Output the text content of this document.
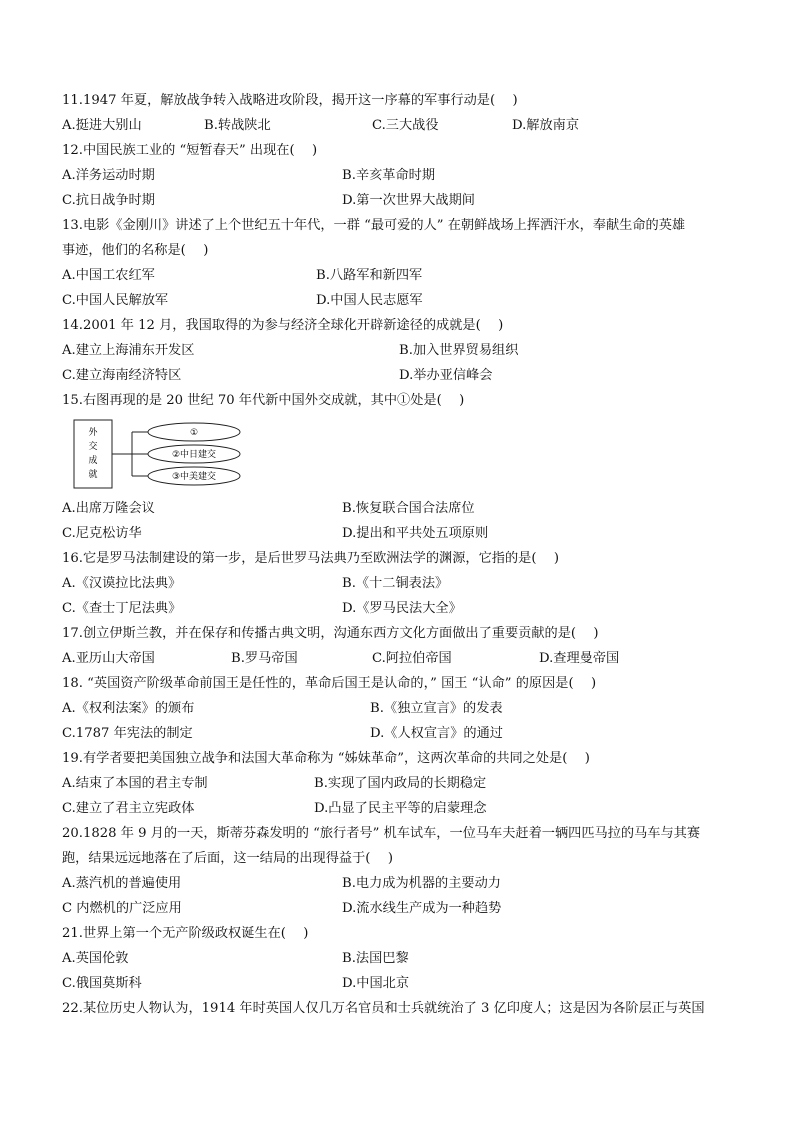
11.1947 年夏，解放战争转入战略进攻阶段，揭开这一序幕的军事行动是(　 )
A.挺进大别山	B.转战陕北	C.三大战役	D.解放南京
12.中国民族工业的 “短暂春天” 出现在(　 )
A.洋务运动时期	B.辛亥革命时期
C.抗日战争时期	D.第一次世界大战期间
13.电影《金刚川》讲述了上个世纪五十年代，一群 “最可爱的人” 在朝鲜战场上挥洒汗水，奉献生命的英雄
事迹，他们的名称是(　 )
A.中国工农红军	B.八路军和新四军
C.中国人民解放军	D.中国人民志愿军
14.2001 年 12 月，我国取得的为参与经济全球化开辟新途径的成就是(　 )
A.建立上海浦东开发区	B.加入世界贸易组织
C.建立海南经济特区	D.举办亚信峰会
15.右图再现的是 20 世纪 70 年代新中国外交成就，其中①处是(　 )
外
交
成
就
①
②中日建交
③中美建交
A.出席万隆会议	B.恢复联合国合法席位
C.尼克松访华	D.提出和平共处五项原则
16.它是罗马法制建设的第一步，是后世罗马法典乃至欧洲法学的渊源，它指的是(　 )
A.《汉谟拉比法典》	B.《十二铜表法》
C.《查士丁尼法典》	D.《罗马民法大全》
17.创立伊斯兰教，并在保存和传播古典文明，沟通东西方文化方面做出了重要贡献的是(　 )
A.亚历山大帝国	B.罗马帝国	C.阿拉伯帝国	D.查理曼帝国
18. “英国资产阶级革命前国王是任性的，革命后国王是认命的，” 国王 “认命” 的原因是(　 )
A.《权利法案》的颁布	B.《独立宣言》的发表
C.1787 年宪法的制定	D.《人权宣言》的通过
19.有学者要把美国独立战争和法国大革命称为 “姊妹革命”，这两次革命的共同之处是(　 )
A.结束了本国的君主专制	B.实现了国内政局的长期稳定
C.建立了君主立宪政体	D.凸显了民主平等的启蒙理念
20.1828 年 9 月的一天，斯蒂芬森发明的 “旅行者号” 机车试车，一位马车夫赶着一辆四匹马拉的马车与其赛
跑，结果远远地落在了后面，这一结局的出现得益于(　 )
A.蒸汽机的普遍使用	B.电力成为机器的主要动力
C 内燃机的广泛应用	D.流水线生产成为一种趋势
21.世界上第一个无产阶级政权诞生在(　 )
A.英国伦敦	B.法国巴黎
C.俄国莫斯科	D.中国北京
22.某位历史人物认为，1914 年时英国人仅几万名官员和士兵就统治了 3 亿印度人；这是因为各阶层正与英国
